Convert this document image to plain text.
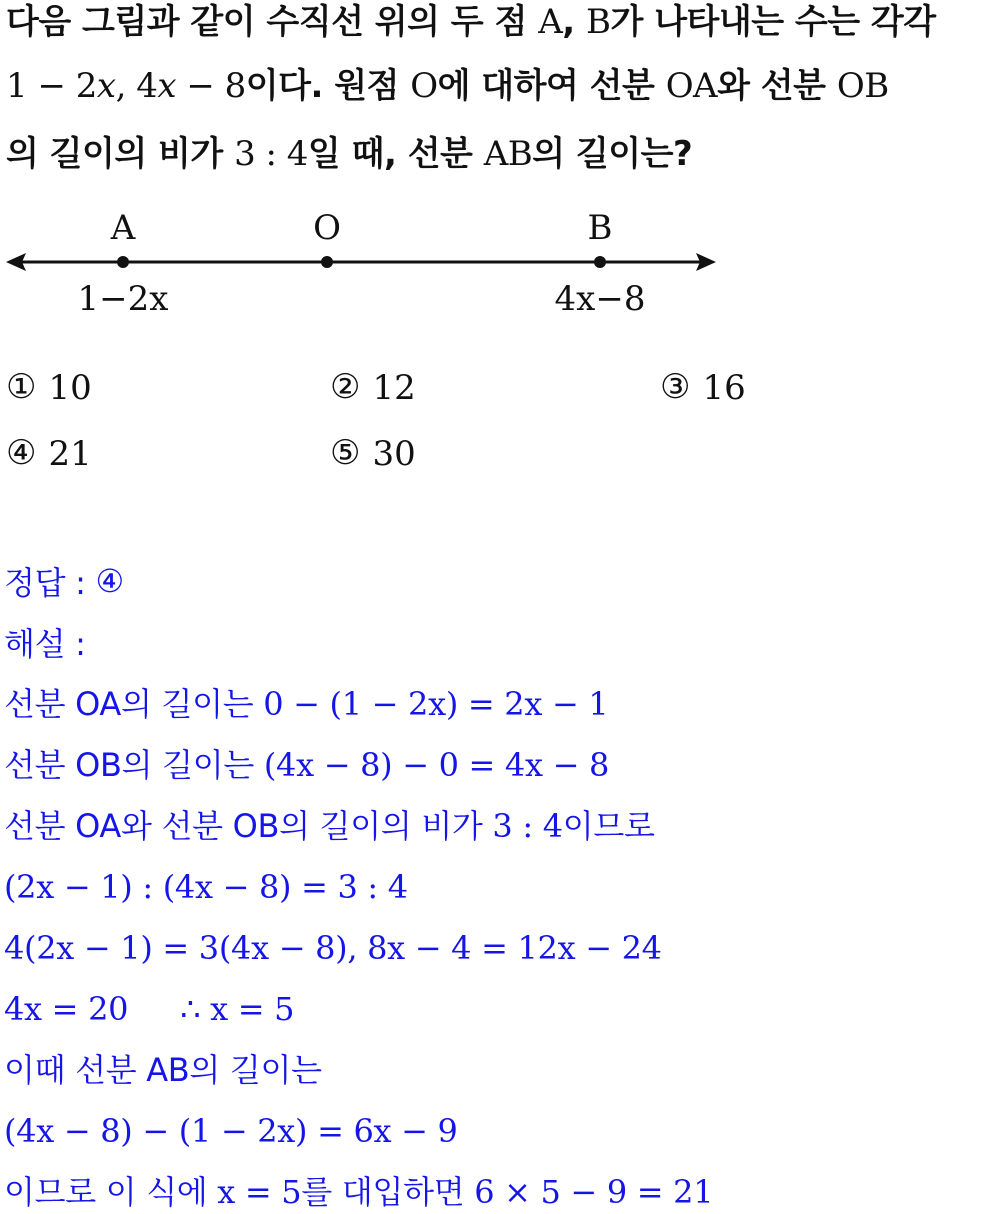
다음 그림과 같이 수직선 위의 두 점 A, B가 나타내는 수는 각각
1 − 2x, 4x − 8이다. 원점 O에 대하여 선분 OA와 선분 OB
의 길이의 비가 3 : 4일 때, 선분 AB의 길이는?
A	O	B
1−2x	4x−8
① 10	② 12	③ 16
④ 21	⑤ 30
정답 : ④
해설 :
선분 OA의 길이는 0 − (1 − 2x) = 2x − 1
선분 OB의 길이는 (4x − 8) − 0 = 4x − 8
선분 OA와 선분 OB의 길이의 비가 3 : 4이므로
(2x − 1) : (4x − 8) = 3 : 4
4(2x − 1) = 3(4x − 8), 8x − 4 = 12x − 24
4x = 20 ∴ x = 5
이때 선분 AB의 길이는
(4x − 8) − (1 − 2x) = 6x − 9
이므로 이 식에 x = 5를 대입하면 6 × 5 − 9 = 21
